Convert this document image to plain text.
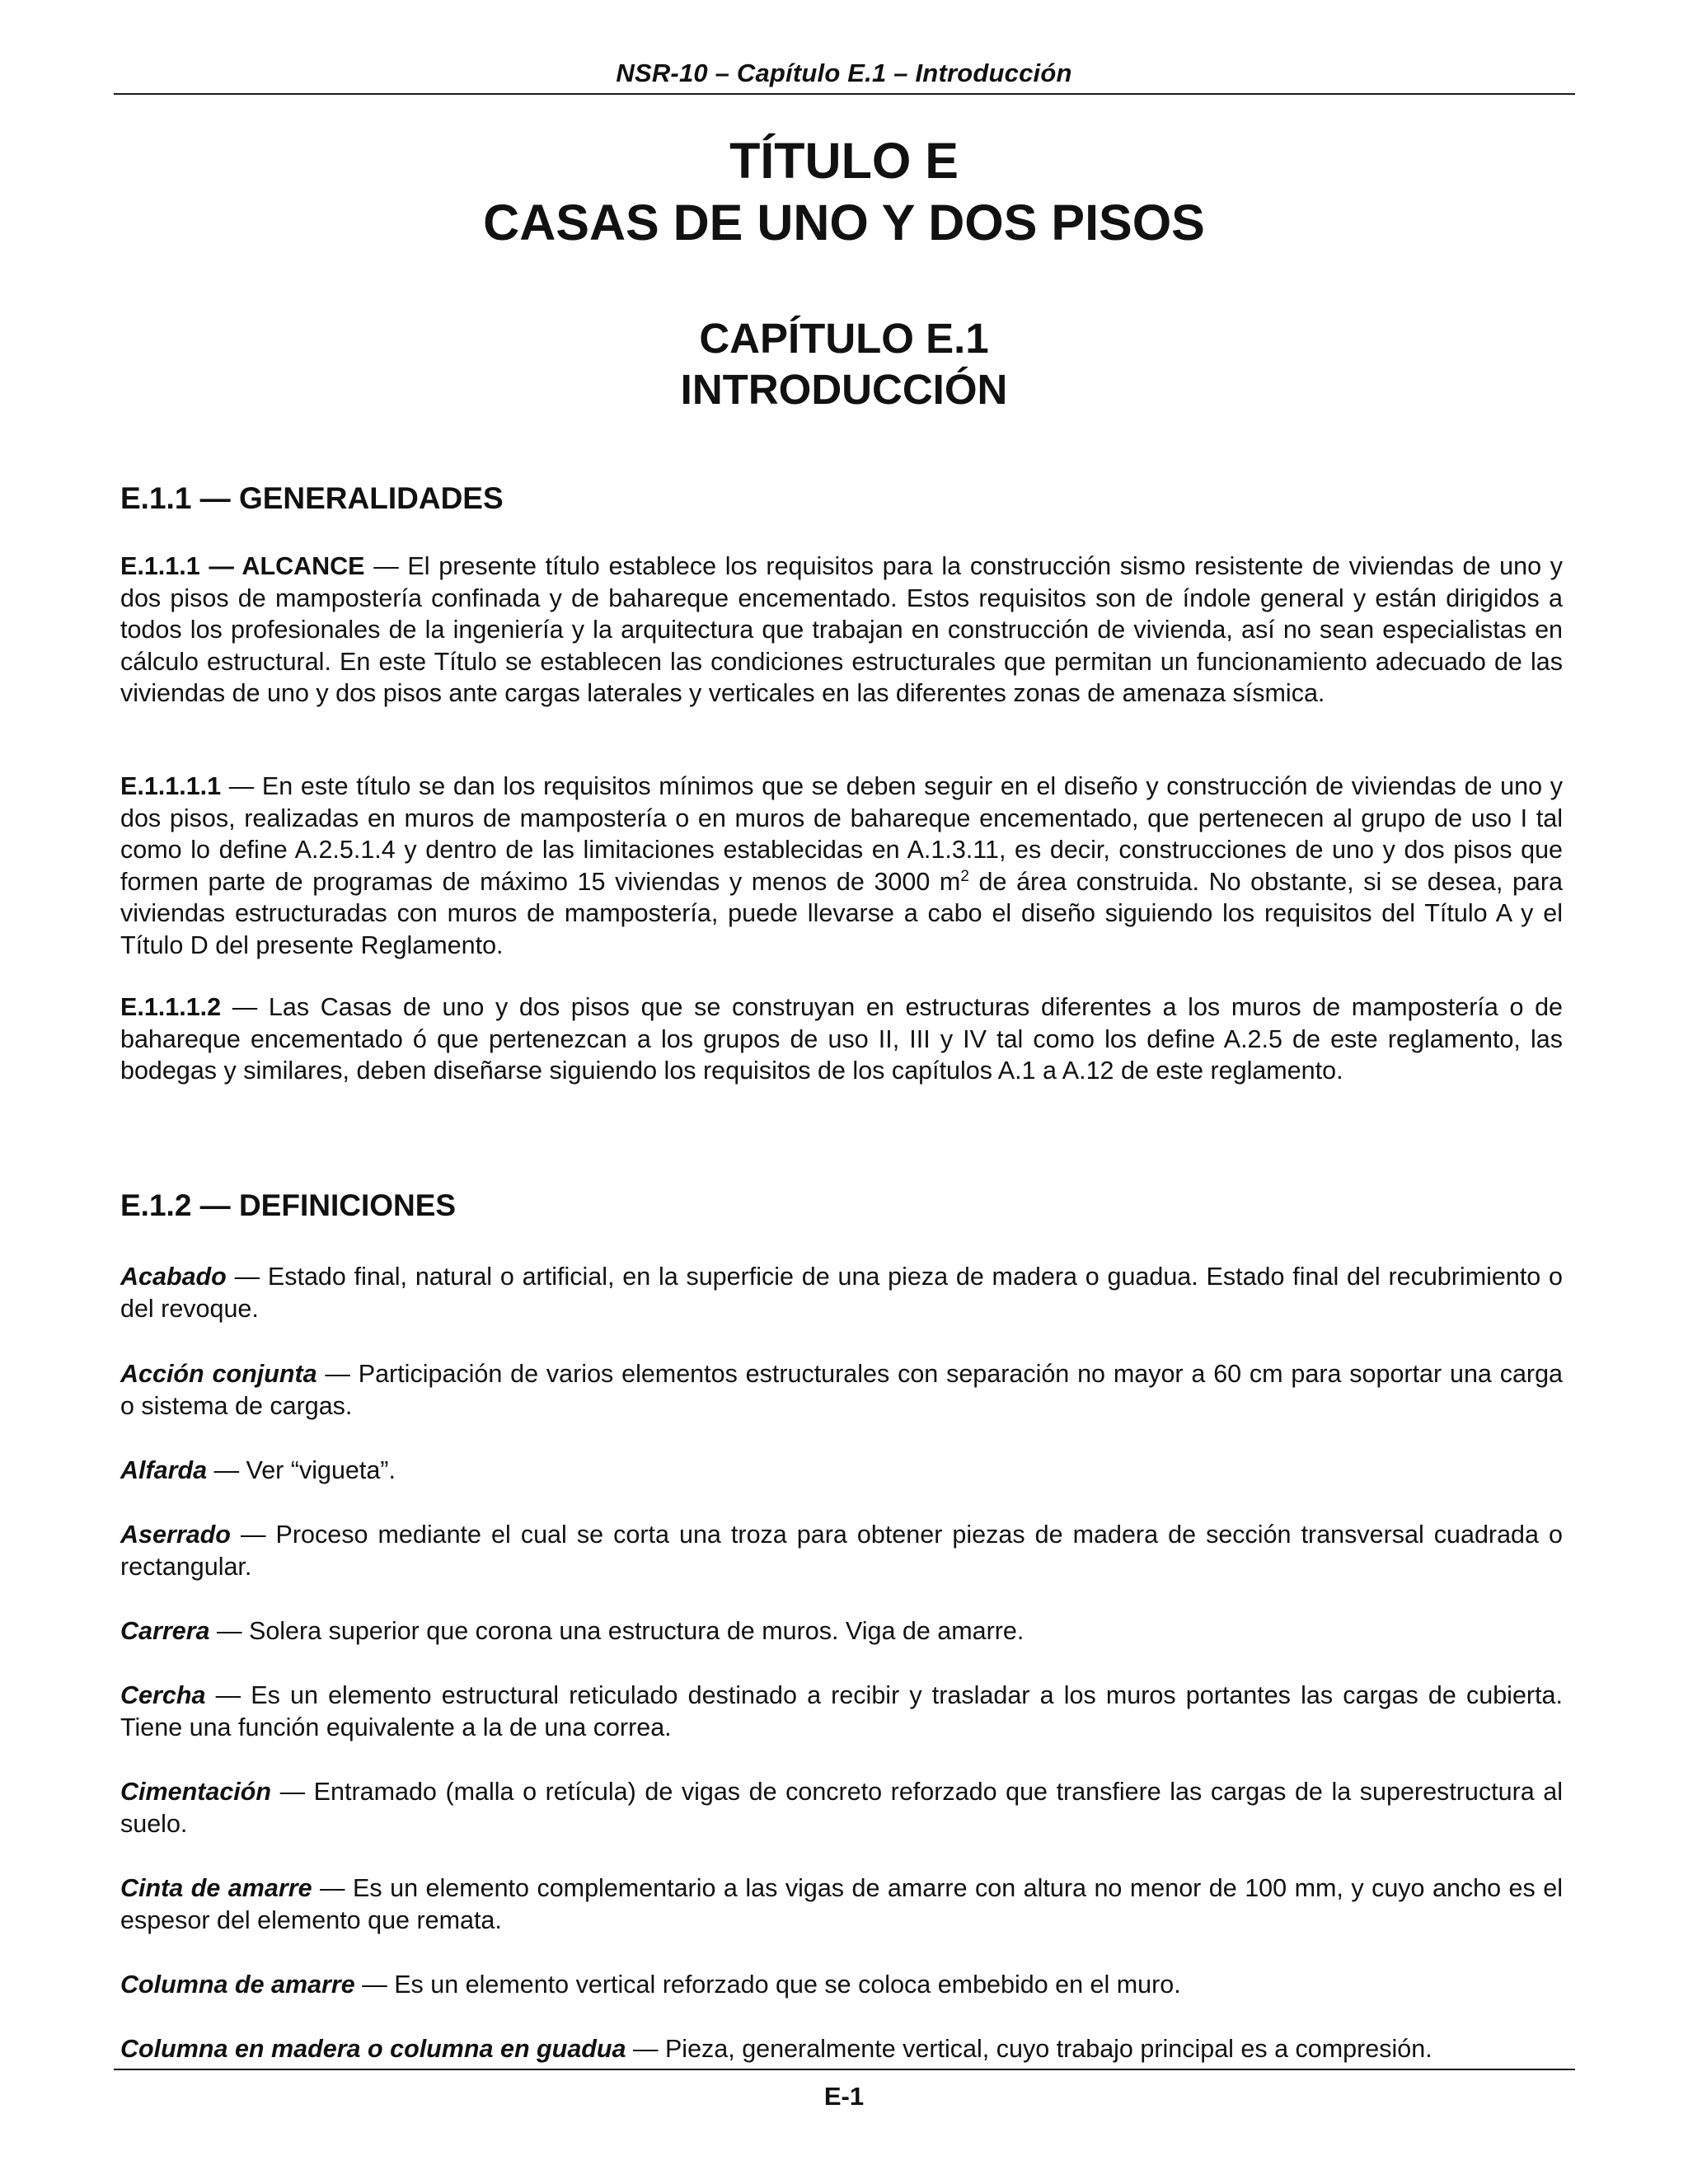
NSR-10 – Capítulo E.1 – Introducción
TÍTULO E
CASAS DE UNO Y DOS PISOS
CAPÍTULO E.1
INTRODUCCIÓN
E.1.1 — GENERALIDADES
E.1.1.1 — ALCANCE — El presente título establece los requisitos para la construcción sismo resistente de viviendas de uno y dos pisos de mampostería confinada y de bahareque encementado. Estos requisitos son de índole general y están dirigidos a todos los profesionales de la ingeniería y la arquitectura que trabajan en construcción de vivienda, así no sean especialistas en cálculo estructural. En este Título se establecen las condiciones estructurales que permitan un funcionamiento adecuado de las viviendas de uno y dos pisos ante cargas laterales y verticales en las diferentes zonas de amenaza sísmica.
E.1.1.1.1 — En este título se dan los requisitos mínimos que se deben seguir en el diseño y construcción de viviendas de uno y dos pisos, realizadas en muros de mampostería o en muros de bahareque encementado, que pertenecen al grupo de uso I tal como lo define A.2.5.1.4 y dentro de las limitaciones establecidas en A.1.3.11, es decir, construcciones de uno y dos pisos que formen parte de programas de máximo 15 viviendas y menos de 3000 $m^2$ de área construida. No obstante, si se desea, para viviendas estructuradas con muros de mampostería, puede llevarse a cabo el diseño siguiendo los requisitos del Título A y el Título D del presente Reglamento.
E.1.1.1.2 — Las Casas de uno y dos pisos que se construyan en estructuras diferentes a los muros de mampostería o de bahareque encementado ó que pertenezcan a los grupos de uso II, III y IV tal como los define A.2.5 de este reglamento, las bodegas y similares, deben diseñarse siguiendo los requisitos de los capítulos A.1 a A.12 de este reglamento.
E.1.2 — DEFINICIONES
Acabado — Estado final, natural o artificial, en la superficie de una pieza de madera o guadua. Estado final del recubrimiento o del revoque.
Acción conjunta — Participación de varios elementos estructurales con separación no mayor a 60 cm para soportar una carga o sistema de cargas.
Alfarda — Ver “vigueta”.
Aserrado — Proceso mediante el cual se corta una troza para obtener piezas de madera de sección transversal cuadrada o rectangular.
Carrera — Solera superior que corona una estructura de muros. Viga de amarre.
Cercha — Es un elemento estructural reticulado destinado a recibir y trasladar a los muros portantes las cargas de cubierta. Tiene una función equivalente a la de una correa.
Cimentación — Entramado (malla o retícula) de vigas de concreto reforzado que transfiere las cargas de la superestructura al suelo.
Cinta de amarre — Es un elemento complementario a las vigas de amarre con altura no menor de 100 mm, y cuyo ancho es el espesor del elemento que remata.
Columna de amarre — Es un elemento vertical reforzado que se coloca embebido en el muro.
Columna en madera o columna en guadua — Pieza, generalmente vertical, cuyo trabajo principal es a compresión.
E-1
